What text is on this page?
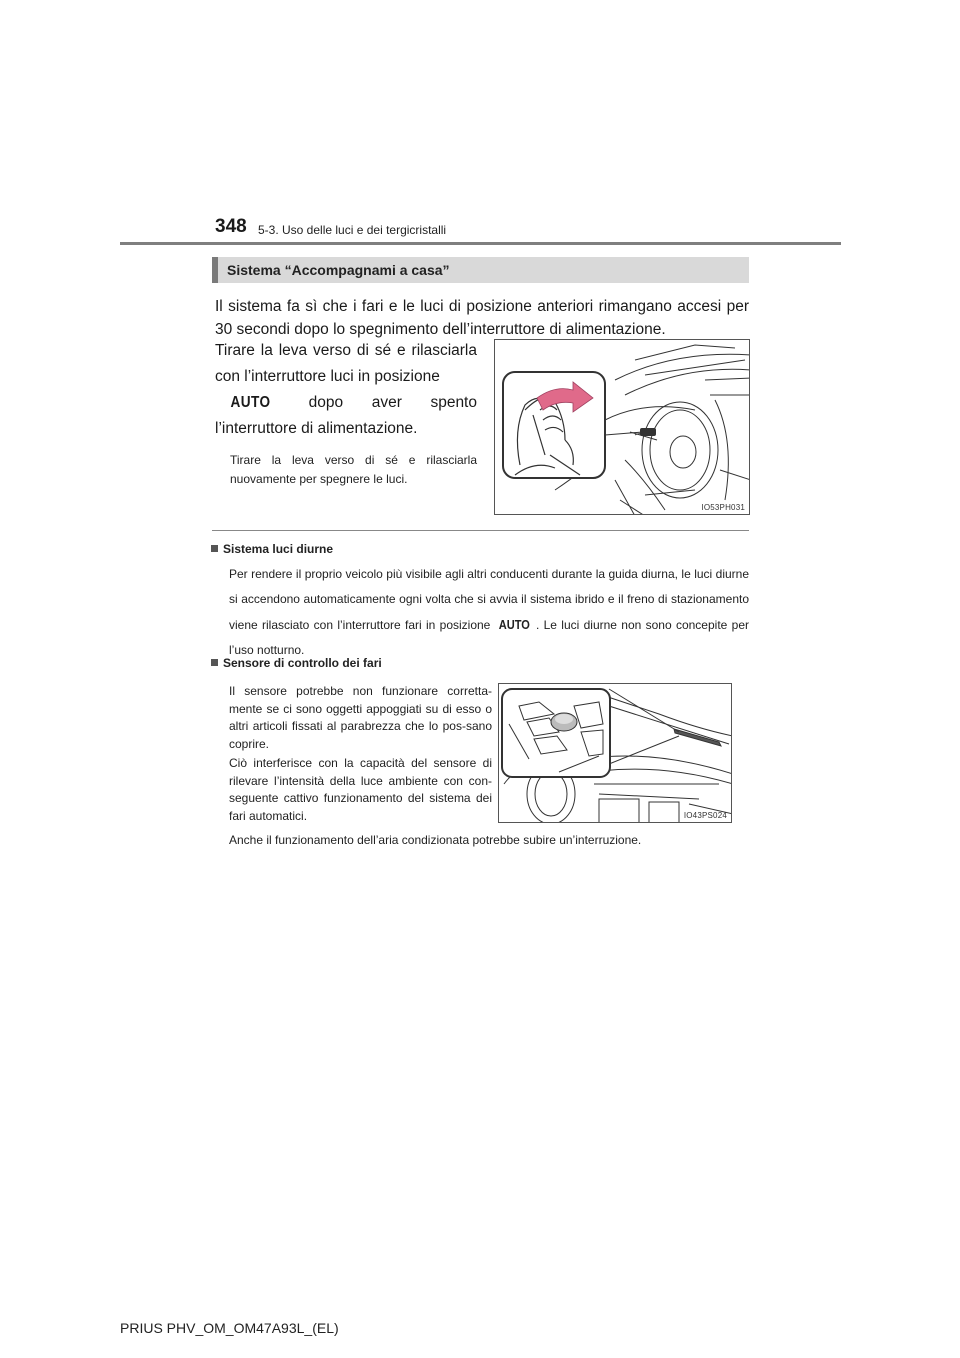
348 5-3. Uso delle luci e dei tergicristalli
Sistema “Accompagnami a casa”
Il sistema fa sì che i fari e le luci di posizione anteriori rimangano accesi per 30 secondi dopo lo spegnimento dell’interruttore di alimentazione.
Tirare la leva verso di sé e rilasciarla con l’interruttore luci in posizione
AUTO dopo aver spento l’interruttore di alimentazione.
Tirare la leva verso di sé e rilasciarla nuovamente per spegnere le luci.
IO53PH031
Sistema luci diurne
Per rendere il proprio veicolo più visibile agli altri conducenti durante la guida diurna, le luci diurne si accendono automaticamente ogni volta che si avvia il sistema ibrido e il freno di stazionamento viene rilasciato con l’interruttore fari in posizione AUTO . Le luci diurne non sono concepite per l’uso notturno.
Sensore di controllo dei fari
Il sensore potrebbe non funzionare corretta-mente se ci sono oggetti appoggiati su di esso o altri articoli fissati al parabrezza che lo pos-sano coprire.
Ciò interferisce con la capacità del sensore di rilevare l’intensità della luce ambiente con con-seguente cattivo funzionamento del sistema dei fari automatici.
Anche il funzionamento dell’aria condizionata potrebbe subire un’interruzione.
IO43PS024
PRIUS PHV_OM_OM47A93L_(EL)
